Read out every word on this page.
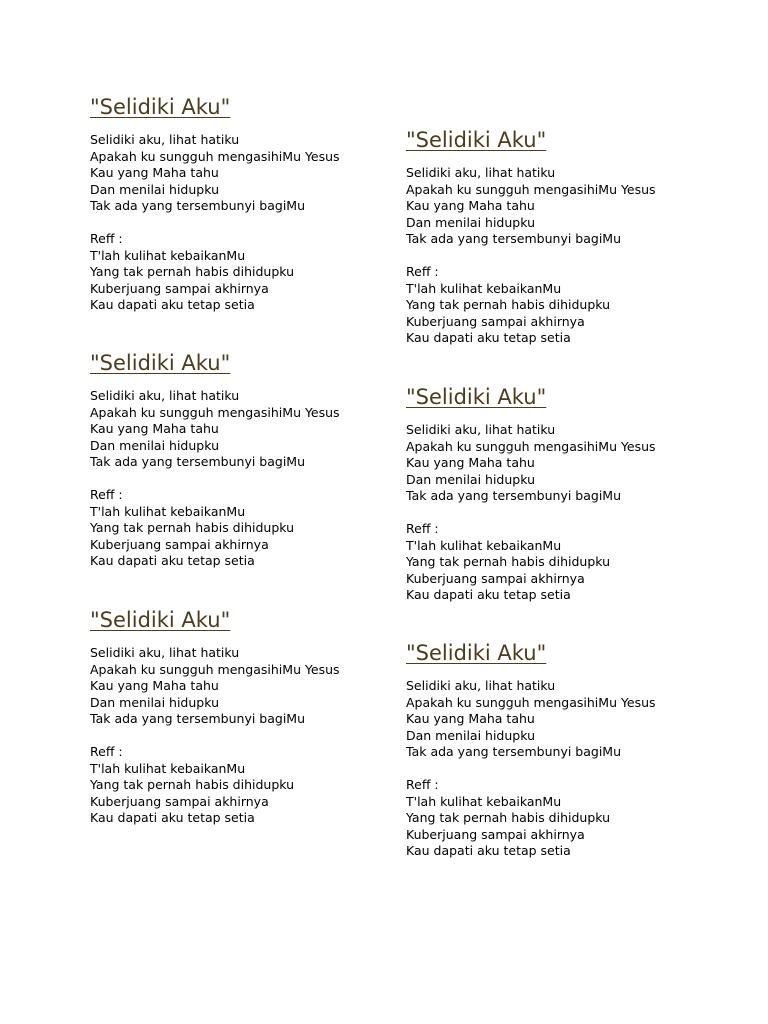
"Selidiki Aku"
Selidiki aku, lihat hatiku
Apakah ku sungguh mengasihiMu Yesus
Kau yang Maha tahu
Dan menilai hidupku
Tak ada yang tersembunyi bagiMu
Reff :
T'lah kulihat kebaikanMu
Yang tak pernah habis dihidupku
Kuberjuang sampai akhirnya
Kau dapati aku tetap setia
"Selidiki Aku"
Selidiki aku, lihat hatiku
Apakah ku sungguh mengasihiMu Yesus
Kau yang Maha tahu
Dan menilai hidupku
Tak ada yang tersembunyi bagiMu
Reff :
T'lah kulihat kebaikanMu
Yang tak pernah habis dihidupku
Kuberjuang sampai akhirnya
Kau dapati aku tetap setia
"Selidiki Aku"
Selidiki aku, lihat hatiku
Apakah ku sungguh mengasihiMu Yesus
Kau yang Maha tahu
Dan menilai hidupku
Tak ada yang tersembunyi bagiMu
Reff :
T'lah kulihat kebaikanMu
Yang tak pernah habis dihidupku
Kuberjuang sampai akhirnya
Kau dapati aku tetap setia
"Selidiki Aku"
Selidiki aku, lihat hatiku
Apakah ku sungguh mengasihiMu Yesus
Kau yang Maha tahu
Dan menilai hidupku
Tak ada yang tersembunyi bagiMu
Reff :
T'lah kulihat kebaikanMu
Yang tak pernah habis dihidupku
Kuberjuang sampai akhirnya
Kau dapati aku tetap setia
"Selidiki Aku"
Selidiki aku, lihat hatiku
Apakah ku sungguh mengasihiMu Yesus
Kau yang Maha tahu
Dan menilai hidupku
Tak ada yang tersembunyi bagiMu
Reff :
T'lah kulihat kebaikanMu
Yang tak pernah habis dihidupku
Kuberjuang sampai akhirnya
Kau dapati aku tetap setia
"Selidiki Aku"
Selidiki aku, lihat hatiku
Apakah ku sungguh mengasihiMu Yesus
Kau yang Maha tahu
Dan menilai hidupku
Tak ada yang tersembunyi bagiMu
Reff :
T'lah kulihat kebaikanMu
Yang tak pernah habis dihidupku
Kuberjuang sampai akhirnya
Kau dapati aku tetap setia
